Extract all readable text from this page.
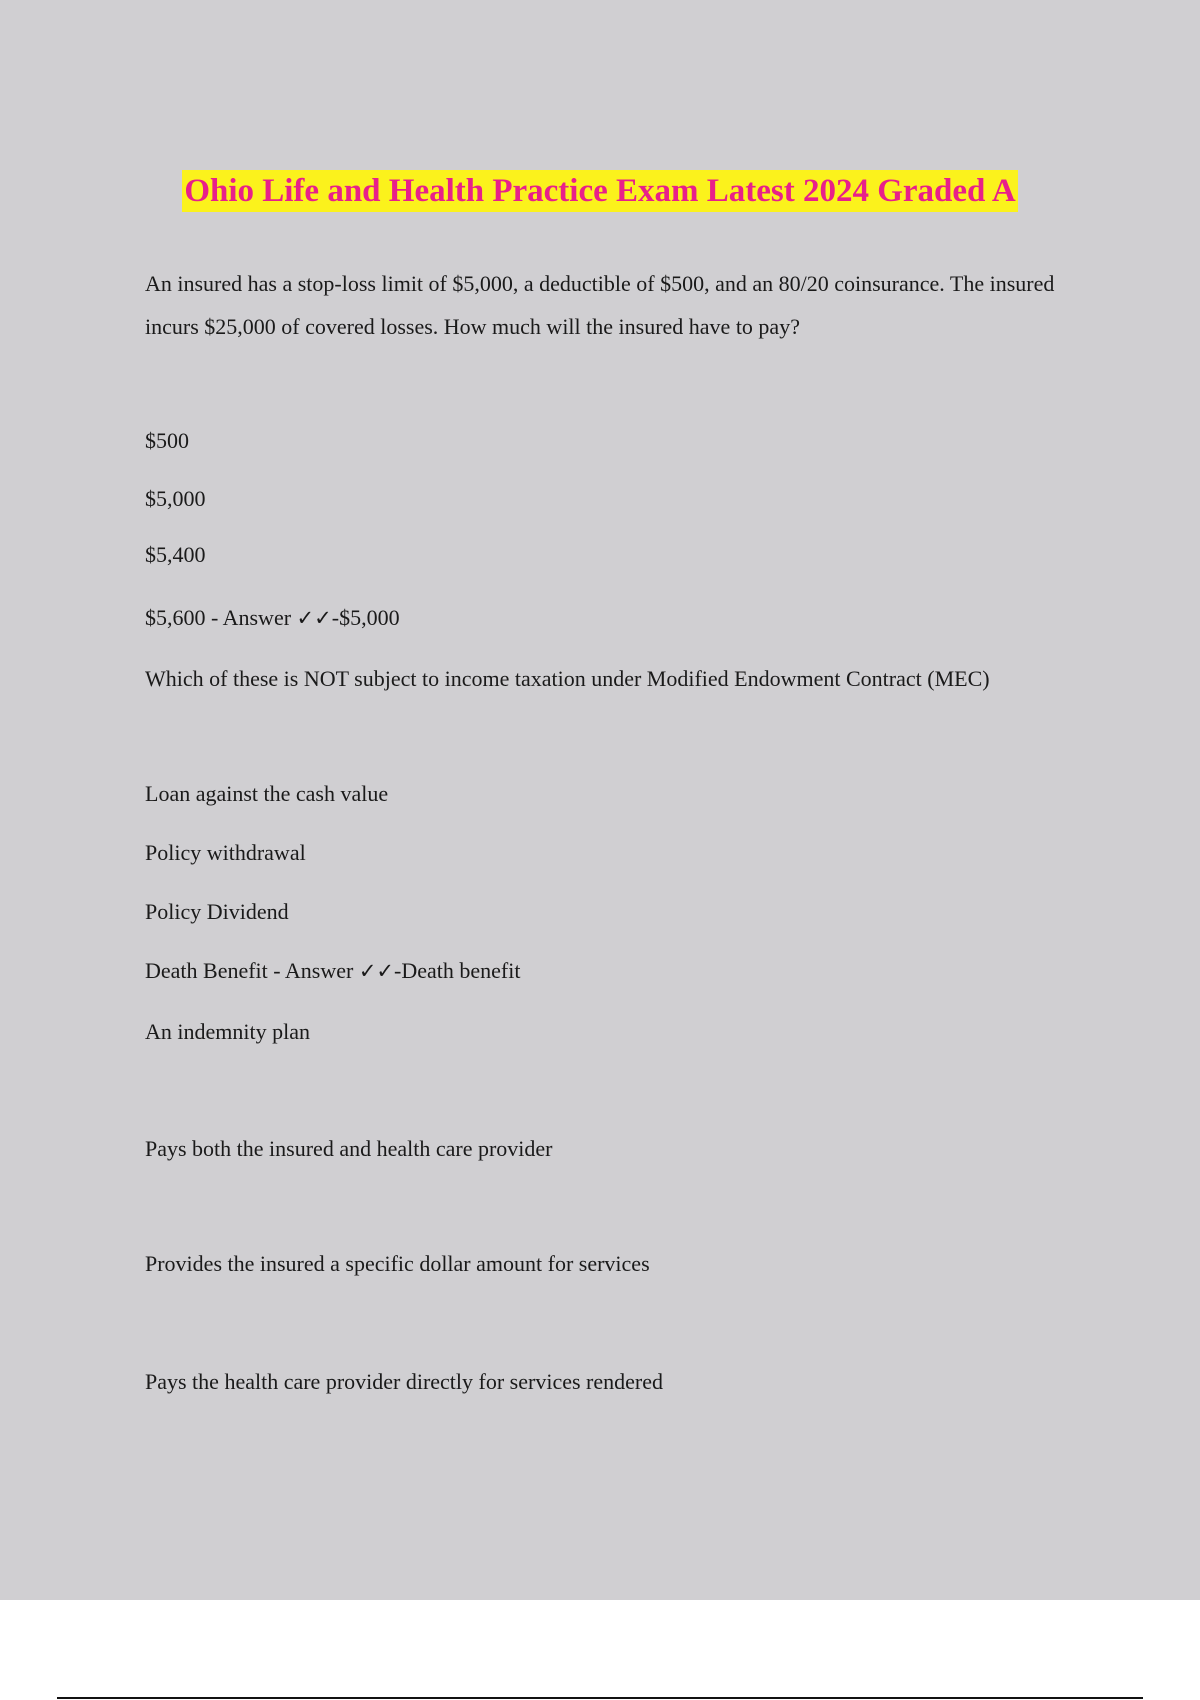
Ohio Life and Health Practice Exam Latest 2024 Graded A

An insured has a stop-loss limit of $5,000, a deductible of $500, and an 80/20 coinsurance. The insured incurs $25,000 of covered losses. How much will the insured have to pay?

$500

$5,000

$5,400

$5,600 - Answer ✓✓-$5,000

Which of these is NOT subject to income taxation under Modified Endowment Contract (MEC)

Loan against the cash value

Policy withdrawal

Policy Dividend

Death Benefit - Answer ✓✓-Death benefit

An indemnity plan

Pays both the insured and health care provider

Provides the insured a specific dollar amount for services

Pays the health care provider directly for services rendered
